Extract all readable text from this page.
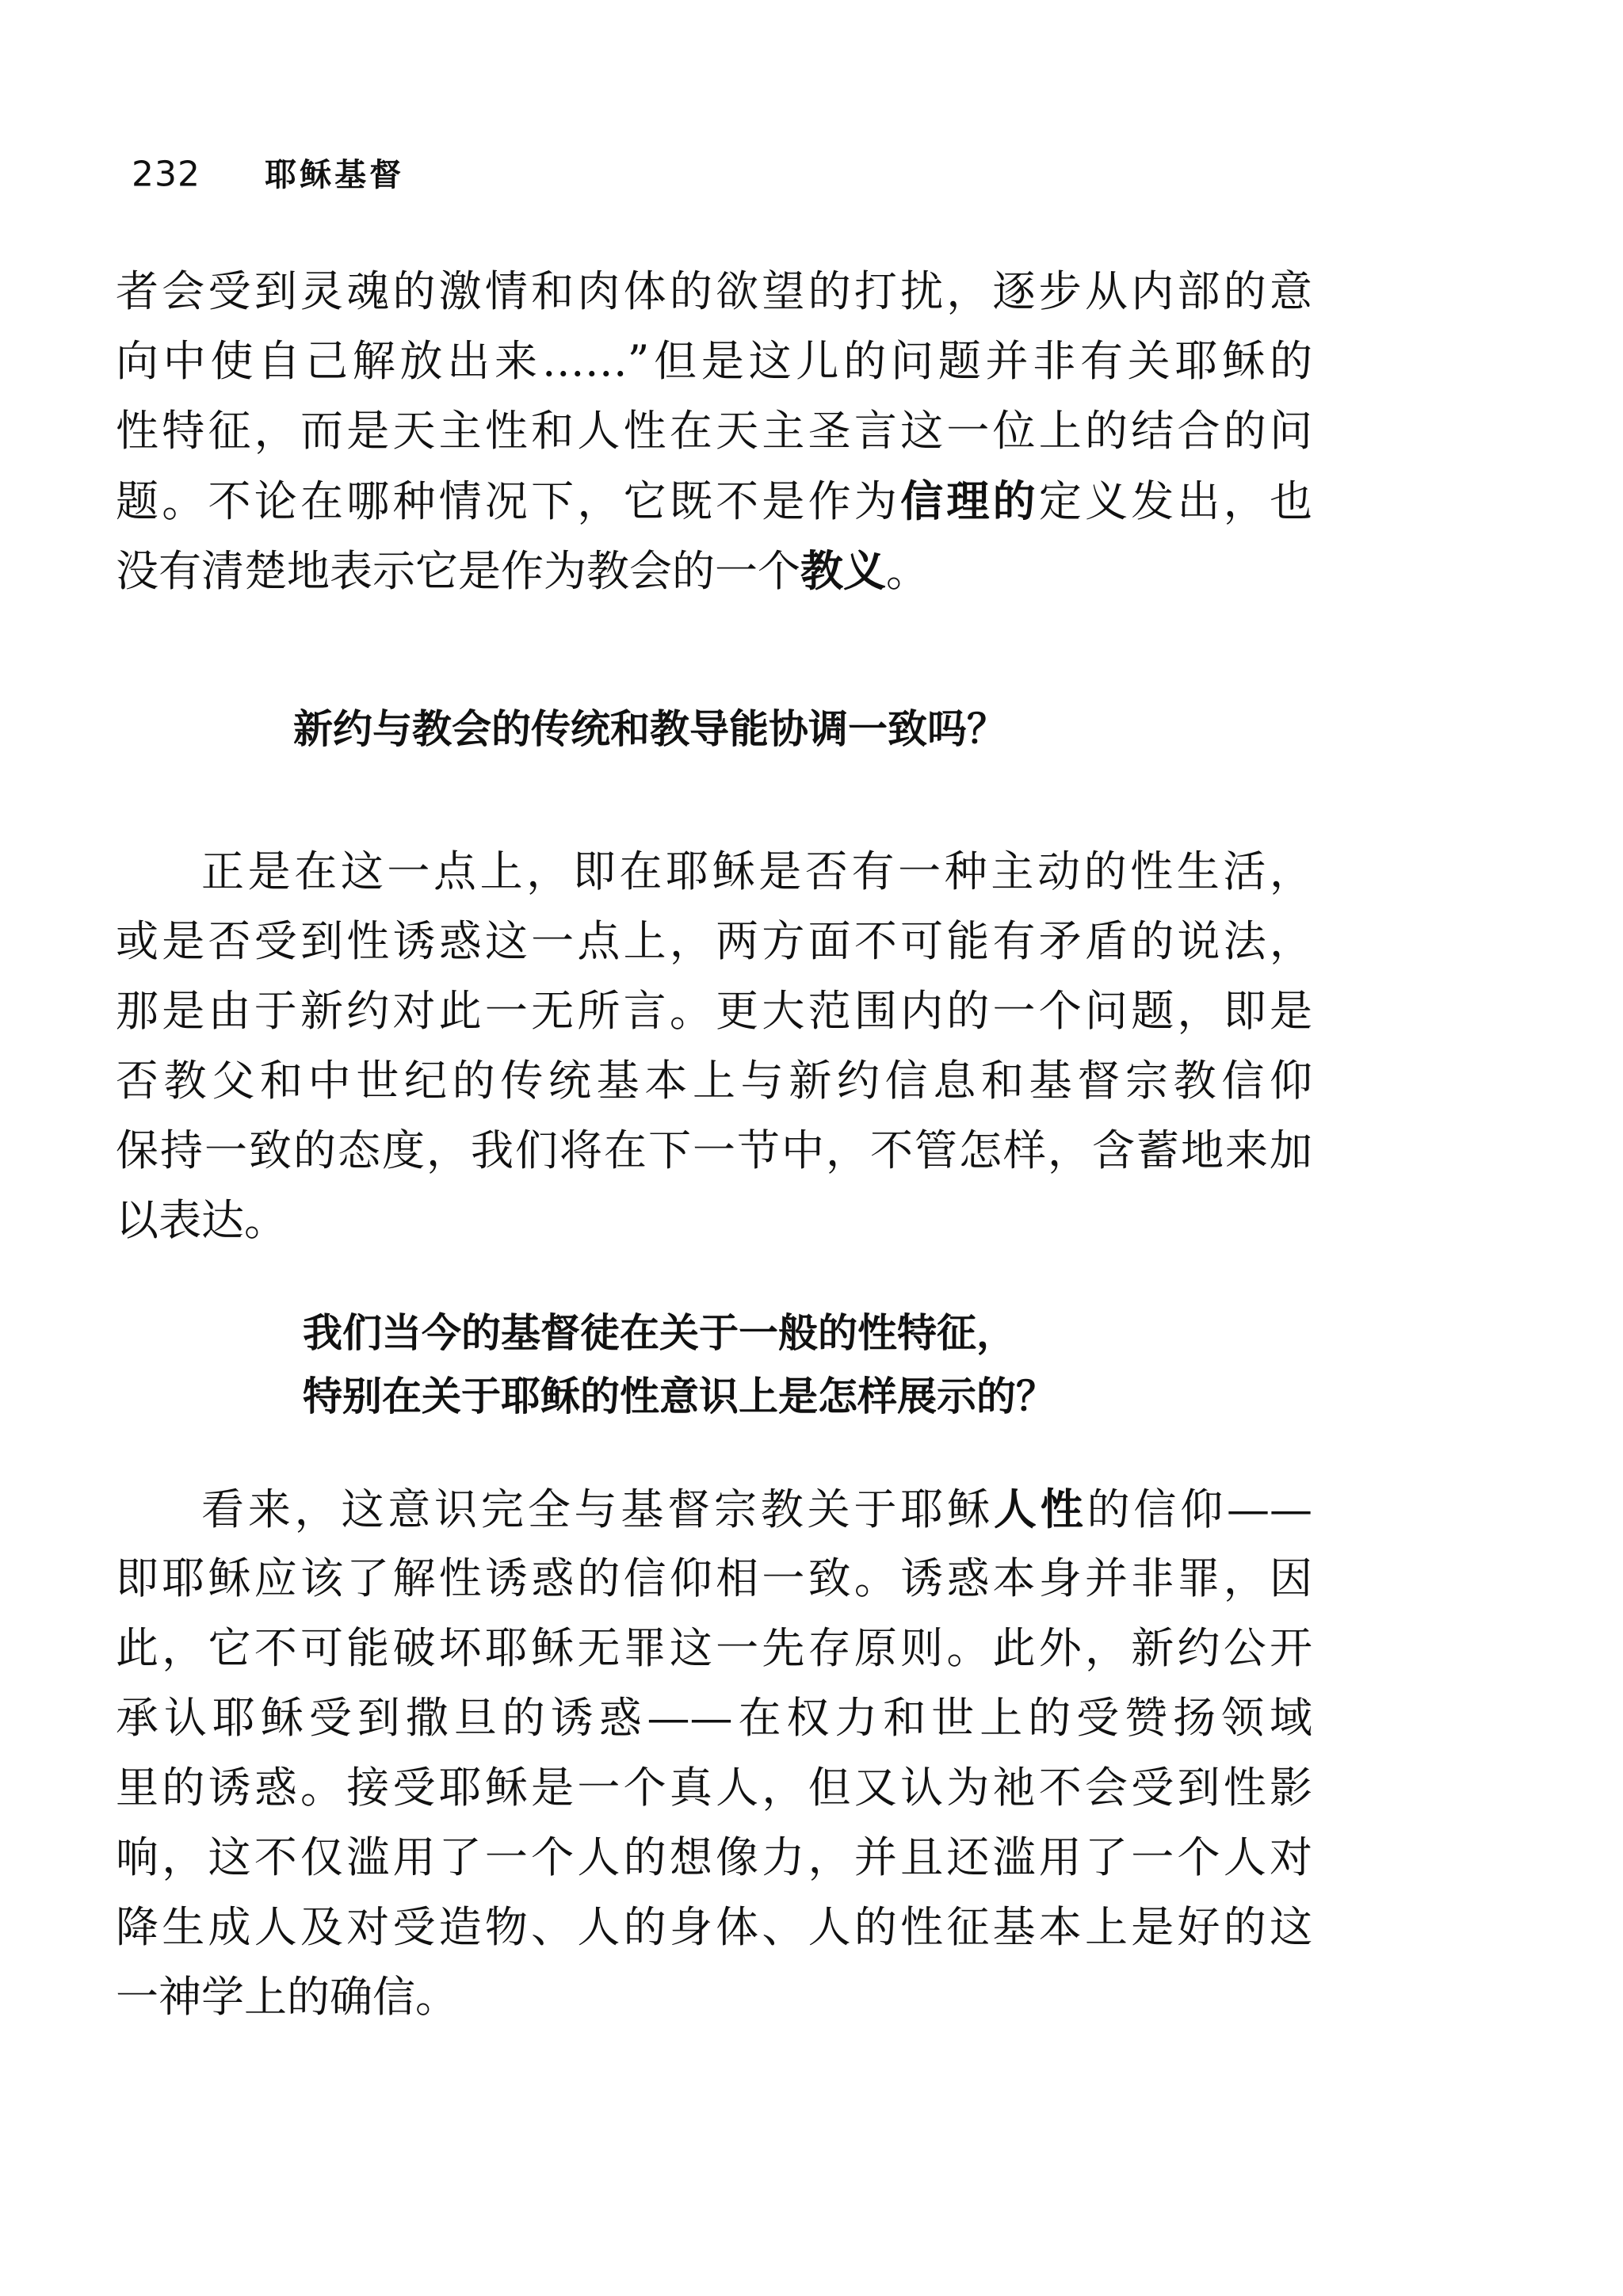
232 耶稣基督
者会受到灵魂的激情和肉体的欲望的打扰，逐步从内部的意
向中使自己解放出来……”但是这儿的问题并非有关耶稣的
性特征，而是天主性和人性在天主圣言这一位上的结合的问
题。不论在哪种情况下，它既不是作为信理的定义发出，也
没有清楚地表示它是作为教会的一个教义。
新约与教会的传统和教导能协调一致吗？
正是在这一点上，即在耶稣是否有一种主动的性生活，
或是否受到性诱惑这一点上，两方面不可能有矛盾的说法，
那是由于新约对此一无所言。更大范围内的一个问题，即是
否教父和中世纪的传统基本上与新约信息和基督宗教信仰
保持一致的态度，我们将在下一节中，不管怎样，含蓄地来加
以表达。
我们当今的基督徒在关于一般的性特征，
特别在关于耶稣的性意识上是怎样展示的？
看来，这意识完全与基督宗教关于耶稣人性的信仰——
即耶稣应该了解性诱惑的信仰相一致。诱惑本身并非罪，因
此，它不可能破坏耶稣无罪这一先存原则。此外，新约公开
承认耶稣受到撒旦的诱惑——在权力和世上的受赞扬领域
里的诱惑。接受耶稣是一个真人，但又认为祂不会受到性影
响，这不仅滥用了一个人的想像力，并且还滥用了一个人对
降生成人及对受造物、人的身体、人的性征基本上是好的这
一神学上的确信。
